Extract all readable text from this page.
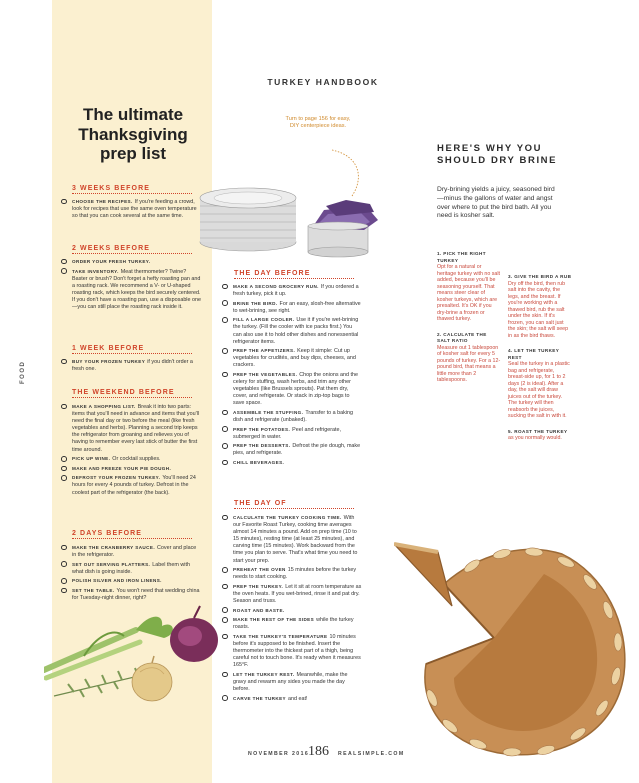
FOOD
TURKEY HANDBOOK
The ultimate Thanksgiving prep list
3 WEEKS BEFORE
CHOOSE THE RECIPES. If you're feeding a crowd, look for recipes that use the same oven temperature so that you can cook several at the same time.
2 WEEKS BEFORE
ORDER YOUR FRESH TURKEY.
TAKE INVENTORY. Meat thermometer? Twine? Baster or brush? Don't forget a hefty roasting pan and a roasting rack. We recommend a V- or U-shaped roasting rack, which keeps the bird securely centered. If you don't have a roasting pan, use a disposable one—you can still place the roasting rack inside it.
1 WEEK BEFORE
BUY YOUR FROZEN TURKEY if you didn't order a fresh one.
THE WEEKEND BEFORE
MAKE A SHOPPING LIST. Break it into two parts: items that you'll need in advance and items that you'll need the final day or two before the meal (like fresh vegetables and herbs). Planning a second trip keeps the refrigerator from groaning and relieves you of having to remember every last stick of butter the first time around.
PICK UP WINE. Or cocktail supplies.
MAKE AND FREEZE YOUR PIE DOUGH.
DEFROST YOUR FROZEN TURKEY. You'll need 24 hours for every 4 pounds of turkey. Defrost in the coolest part of the refrigerator (the back).
2 DAYS BEFORE
MAKE THE CRANBERRY SAUCE. Cover and place in the refrigerator.
SET OUT SERVING PLATTERS. Label them with what dish is going inside.
POLISH SILVER AND IRON LINENS.
SET THE TABLE. You won't need that wedding china for Tuesday-night dinner, right?
THE DAY BEFORE
MAKE A SECOND GROCERY RUN. If you ordered a fresh turkey, pick it up.
BRINE THE BIRD. For an easy, slosh-free alternative to wet-brining, see right.
FILL A LARGE COOLER. Use it if you're wet-brining the turkey. (Fill the cooler with ice packs first.) You can also use it to hold other dishes and nonessential refrigerator items.
PREP THE APPETIZERS. Keep it simple: Cut up vegetables for crudités, and buy dips, cheeses, and crackers.
PREP THE VEGETABLES. Chop the onions and the celery for stuffing, wash herbs, and trim any other vegetables (like Brussels sprouts). Pat them dry, cover, and refrigerate. Or stack in zip-top bags to save space.
ASSEMBLE THE STUFFING. Transfer to a baking dish and refrigerate (unbaked).
PREP THE POTATOES. Peel and refrigerate, submerged in water.
PREP THE DESSERTS. Defrost the pie dough, make pies, and refrigerate.
CHILL BEVERAGES.
THE DAY OF
CALCULATE THE TURKEY COOKING TIME. With our Favorite Roast Turkey, cooking time averages almost 14 minutes a pound. Add on prep time (10 to 15 minutes), resting time (at least 25 minutes), and carving time (15 minutes). Work backward from the time you plan to serve. That's what time you need to start your prep.
PREHEAT THE OVEN 15 minutes before the turkey needs to start cooking.
PREP THE TURKEY. Let it sit at room temperature as the oven heats. If you wet-brined, rinse it and pat dry. Season and truss.
ROAST AND BASTE.
MAKE THE REST OF THE SIDES while the turkey roasts.
TAKE THE TURKEY'S TEMPERATURE 10 minutes before it's supposed to be finished. Insert the thermometer into the thickest part of a thigh, being careful not to touch bone. It's ready when it measures 165°F.
LET THE TURKEY REST. Meanwhile, make the gravy and rewarm any sides you made the day before.
CARVE THE TURKEY and eat!
Turn to page 156 for easy, DIY centerpiece ideas.
HERE'S WHY YOU SHOULD DRY BRINE
Dry-brining yields a juicy, seasoned bird—minus the gallons of water and angst over where to put the bird bath. All you need is kosher salt.
1. PICK THE RIGHT TURKEY
Opt for a natural or heritage turkey with no salt added, because you'll be seasoning yourself. That means steer clear of kosher turkeys, which are presalted. It's OK if you dry-brine a frozen or thawed turkey.
2. CALCULATE THE SALT RATIO
Measure out 1 tablespoon of kosher salt for every 5 pounds of turkey. For a 12-pound bird, that means a little more than 2 tablespoons.
3. GIVE THE BIRD A RUB
Dry off the bird, then rub salt into the cavity, the legs, and the breast. If you're working with a thawed bird, rub the salt under the skin. If it's frozen, you can salt just the skin; the salt will seep in as the bird thaws.
4. LET THE TURKEY REST
Seal the turkey in a plastic bag and refrigerate, breast-side up, for 1 to 2 days (2 is ideal). After a day, the salt will draw juices out of the turkey. The turkey will then reabsorb the juices, sucking the salt in with it.
5. ROAST THE TURKEY
as you normally would.
NOVEMBER 2016
186 REALSIMPLE.COM
